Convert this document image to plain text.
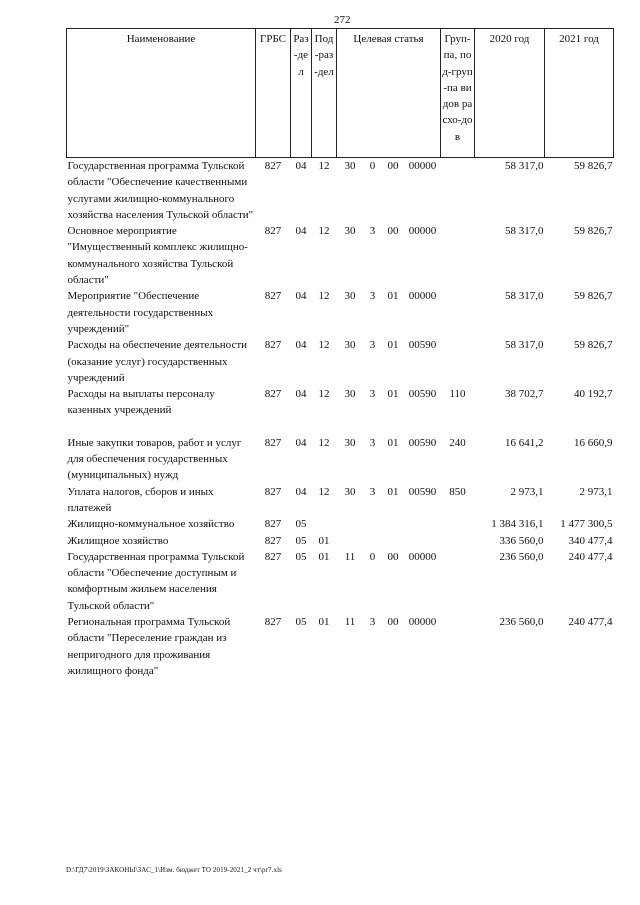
272
Наименование	ГРБС	Раз-дел	Под-раз-дел	Целевая статья				Груп-па, под-груп-па видов расхо-дов	2020 год	2021 год

Государственная программа Тульской области "Обеспечение качественными услугами жилищно-коммунального хозяйства населения Тульской области"	827	04	12	30	0	00	00000		58 317,0	59 826,7
Основное мероприятие "Имущественный комплекс жилищно-коммунального хозяйства Тульской области"	827	04	12	30	3	00	00000		58 317,0	59 826,7
Мероприятие "Обеспечение деятельности государственных учреждений"	827	04	12	30	3	01	00000		58 317,0	59 826,7
Расходы на обеспечение деятельности (оказание услуг) государственных учреждений	827	04	12	30	3	01	00590		58 317,0	59 826,7
Расходы на выплаты персоналу казенных учреждений	827	04	12	30	3	01	00590	110	38 702,7	40 192,7

Иные закупки товаров, работ и услуг для обеспечения государственных (муниципальных) нужд	827	04	12	30	3	01	00590	240	16 641,2	16 660,9
Уплата налогов, сборов и иных платежей	827	04	12	30	3	01	00590	850	2 973,1	2 973,1
Жилищно-коммунальное хозяйство	827	05							1 384 316,1	1 477 300,5
Жилищное хозяйство	827	05	01						336 560,0	340 477,4
Государственная программа Тульской области "Обеспечение доступным и комфортным жильем населения Тульской области"	827	05	01	11	0	00	00000		236 560,0	240 477,4
Региональная программа Тульской области "Переселение граждан из непригодного для проживания жилищного фонда"	827	05	01	11	3	00	00000		236 560,0	240 477,4
D:\ГД7\2019\ЗАКОНЫ\ЗАС_1\Изм. бюджет ТО 2019-2021_2 чт\pr7.xls
